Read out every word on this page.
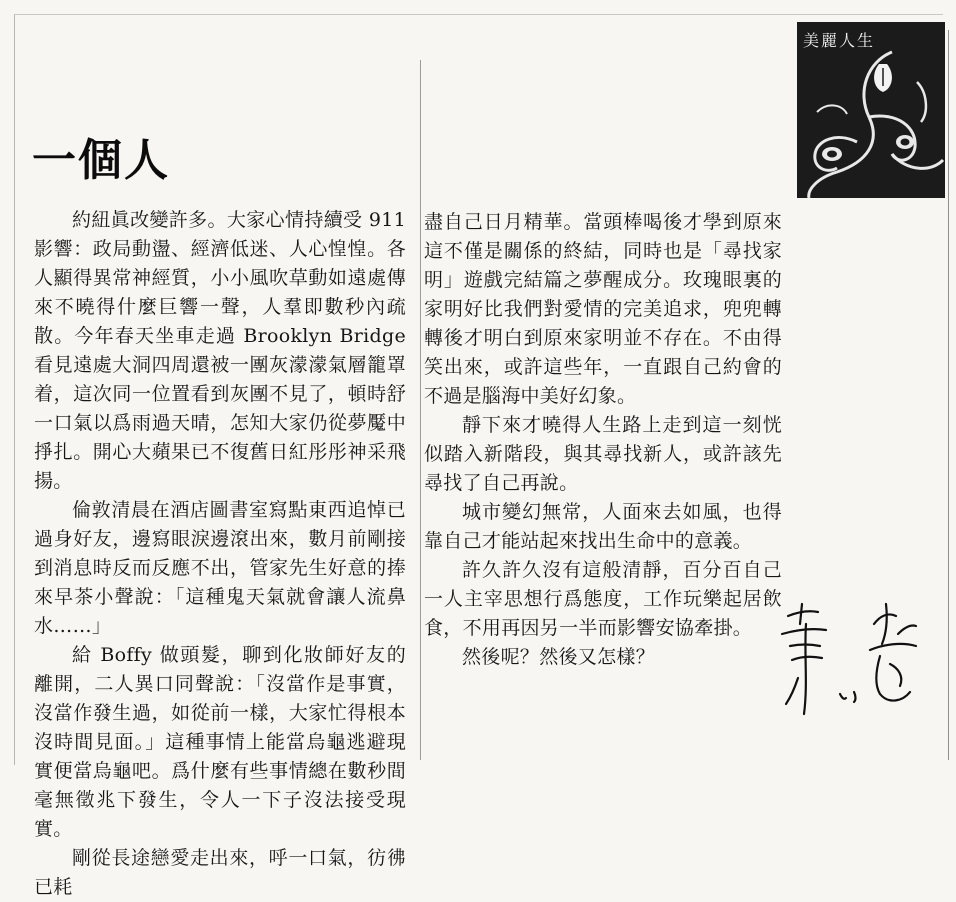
美麗人生
一個人

約紐眞改變許多。大家心情持續受 911 影響：政局動盪、經濟低迷、人心惶惶。各人顯得異常神經質，小小風吹草動如遠處傳來不曉得什麼巨響一聲，人羣即數秒內疏散。今年春天坐車走過 Brooklyn Bridge 看見遠處大洞四周還被一團灰濛濛氣層籠罩着，這次同一位置看到灰團不見了，頓時舒一口氣以爲雨過天晴，怎知大家仍從夢魘中掙扎。開心大蘋果已不復舊日紅彤彤神采飛揚。

倫敦清晨在酒店圖書室寫點東西追悼已過身好友，邊寫眼淚邊滾出來，數月前剛接到消息時反而反應不出，管家先生好意的捧來早茶小聲說：「這種鬼天氣就會讓人流鼻水……」

給 Boffy 做頭髮，聊到化妝師好友的離開，二人異口同聲說：「沒當作是事實，沒當作發生過，如從前一樣，大家忙得根本沒時間見面。」這種事情上能當烏龜逃避現實便當烏龜吧。爲什麼有些事情總在數秒間毫無徵兆下發生，令人一下子沒法接受現實。

剛從長途戀愛走出來，呼一口氣，彷彿已耗

盡自己日月精華。當頭棒喝後才學到原來這不僅是關係的終結，同時也是「尋找家明」遊戲完結篇之夢醒成分。玫瑰眼裏的家明好比我們對愛情的完美追求，兜兜轉轉後才明白到原來家明並不存在。不由得笑出來，或許這些年，一直跟自己約會的不過是腦海中美好幻象。

靜下來才曉得人生路上走到這一刻恍似踏入新階段，與其尋找新人，或許該先尋找了自己再說。

城市變幻無常，人面來去如風，也得靠自己才能站起來找出生命中的意義。

許久許久沒有這般清靜，百分百自己一人主宰思想行爲態度，工作玩樂起居飲食，不用再因另一半而影響安協牽掛。

然後呢？然後又怎樣？
